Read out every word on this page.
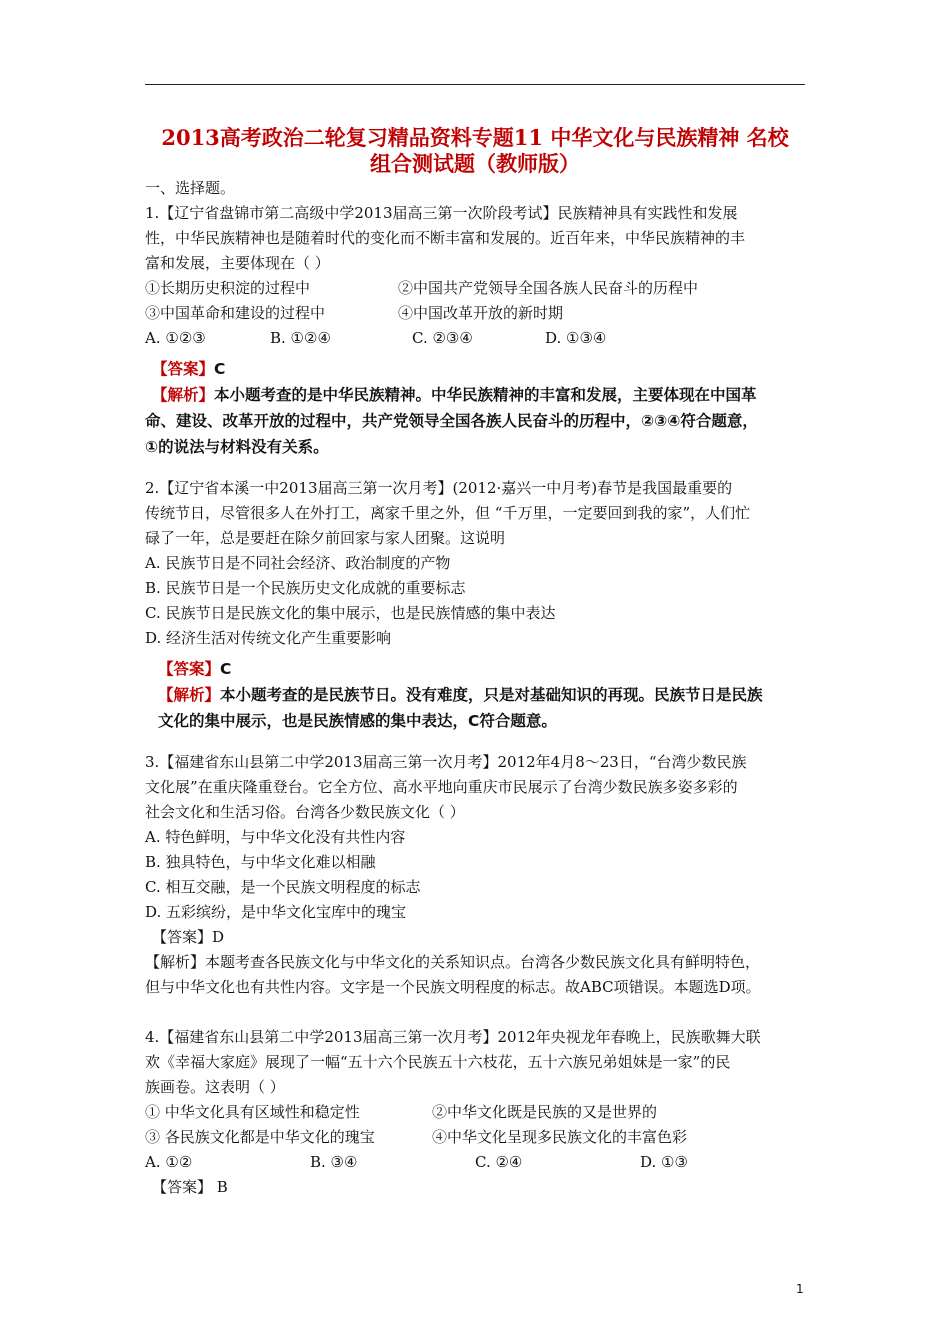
2013高考政治二轮复习精品资料专题11 中华文化与民族精神 名校
组合测试题（教师版）
一、选择题。
1.【辽宁省盘锦市第二高级中学2013届高三第一次阶段考试】民族精神具有实践性和发展
性，中华民族精神也是随着时代的变化而不断丰富和发展的。近百年来，中华民族精神的丰
富和发展，主要体现在（ ）
①长期历史积淀的过程中	②中国共产党领导全国各族人民奋斗的历程中
③中国革命和建设的过程中	④中国改革开放的新时期
A. ①②③	B. ①②④	C. ②③④	D. ①③④
【答案】C
【解析】本小题考查的是中华民族精神。中华民族精神的丰富和发展，主要体现在中国革
命、建设、改革开放的过程中，共产党领导全国各族人民奋斗的历程中，②③④符合题意，
①的说法与材料没有关系。
2.【辽宁省本溪一中2013届高三第一次月考】(2012·嘉兴一中月考)春节是我国最重要的
传统节日，尽管很多人在外打工，离家千里之外，但 “千万里，一定要回到我的家”，人们忙
碌了一年，总是要赶在除夕前回家与家人团聚。这说明
A. 民族节日是不同社会经济、政治制度的产物
B. 民族节日是一个民族历史文化成就的重要标志
C. 民族节日是民族文化的集中展示，也是民族情感的集中表达
D. 经济生活对传统文化产生重要影响
【答案】C
【解析】本小题考查的是民族节日。没有难度，只是对基础知识的再现。民族节日是民族
文化的集中展示，也是民族情感的集中表达，C符合题意。
3.【福建省东山县第二中学2013届高三第一次月考】2012年4月8～23日，“台湾少数民族
文化展”在重庆隆重登台。它全方位、高水平地向重庆市民展示了台湾少数民族多姿多彩的
社会文化和生活习俗。台湾各少数民族文化（ ）
A. 特色鲜明，与中华文化没有共性内容
B. 独具特色，与中华文化难以相融
C. 相互交融，是一个民族文明程度的标志
D. 五彩缤纷，是中华文化宝库中的瑰宝
【答案】D
【解析】本题考查各民族文化与中华文化的关系知识点。台湾各少数民族文化具有鲜明特色，
但与中华文化也有共性内容。文字是一个民族文明程度的标志。故ABC项错误。本题选D项。
4.【福建省东山县第二中学2013届高三第一次月考】2012年央视龙年春晚上，民族歌舞大联
欢《幸福大家庭》展现了一幅“五十六个民族五十六枝花，五十六族兄弟姐妹是一家”的民
族画卷。这表明（ ）
① 中华文化具有区域性和稳定性	②中华文化既是民族的又是世界的
③ 各民族文化都是中华文化的瑰宝	④中华文化呈现多民族文化的丰富色彩
A. ①②	B. ③④	C. ②④	D. ①③
【答案】 B
1
